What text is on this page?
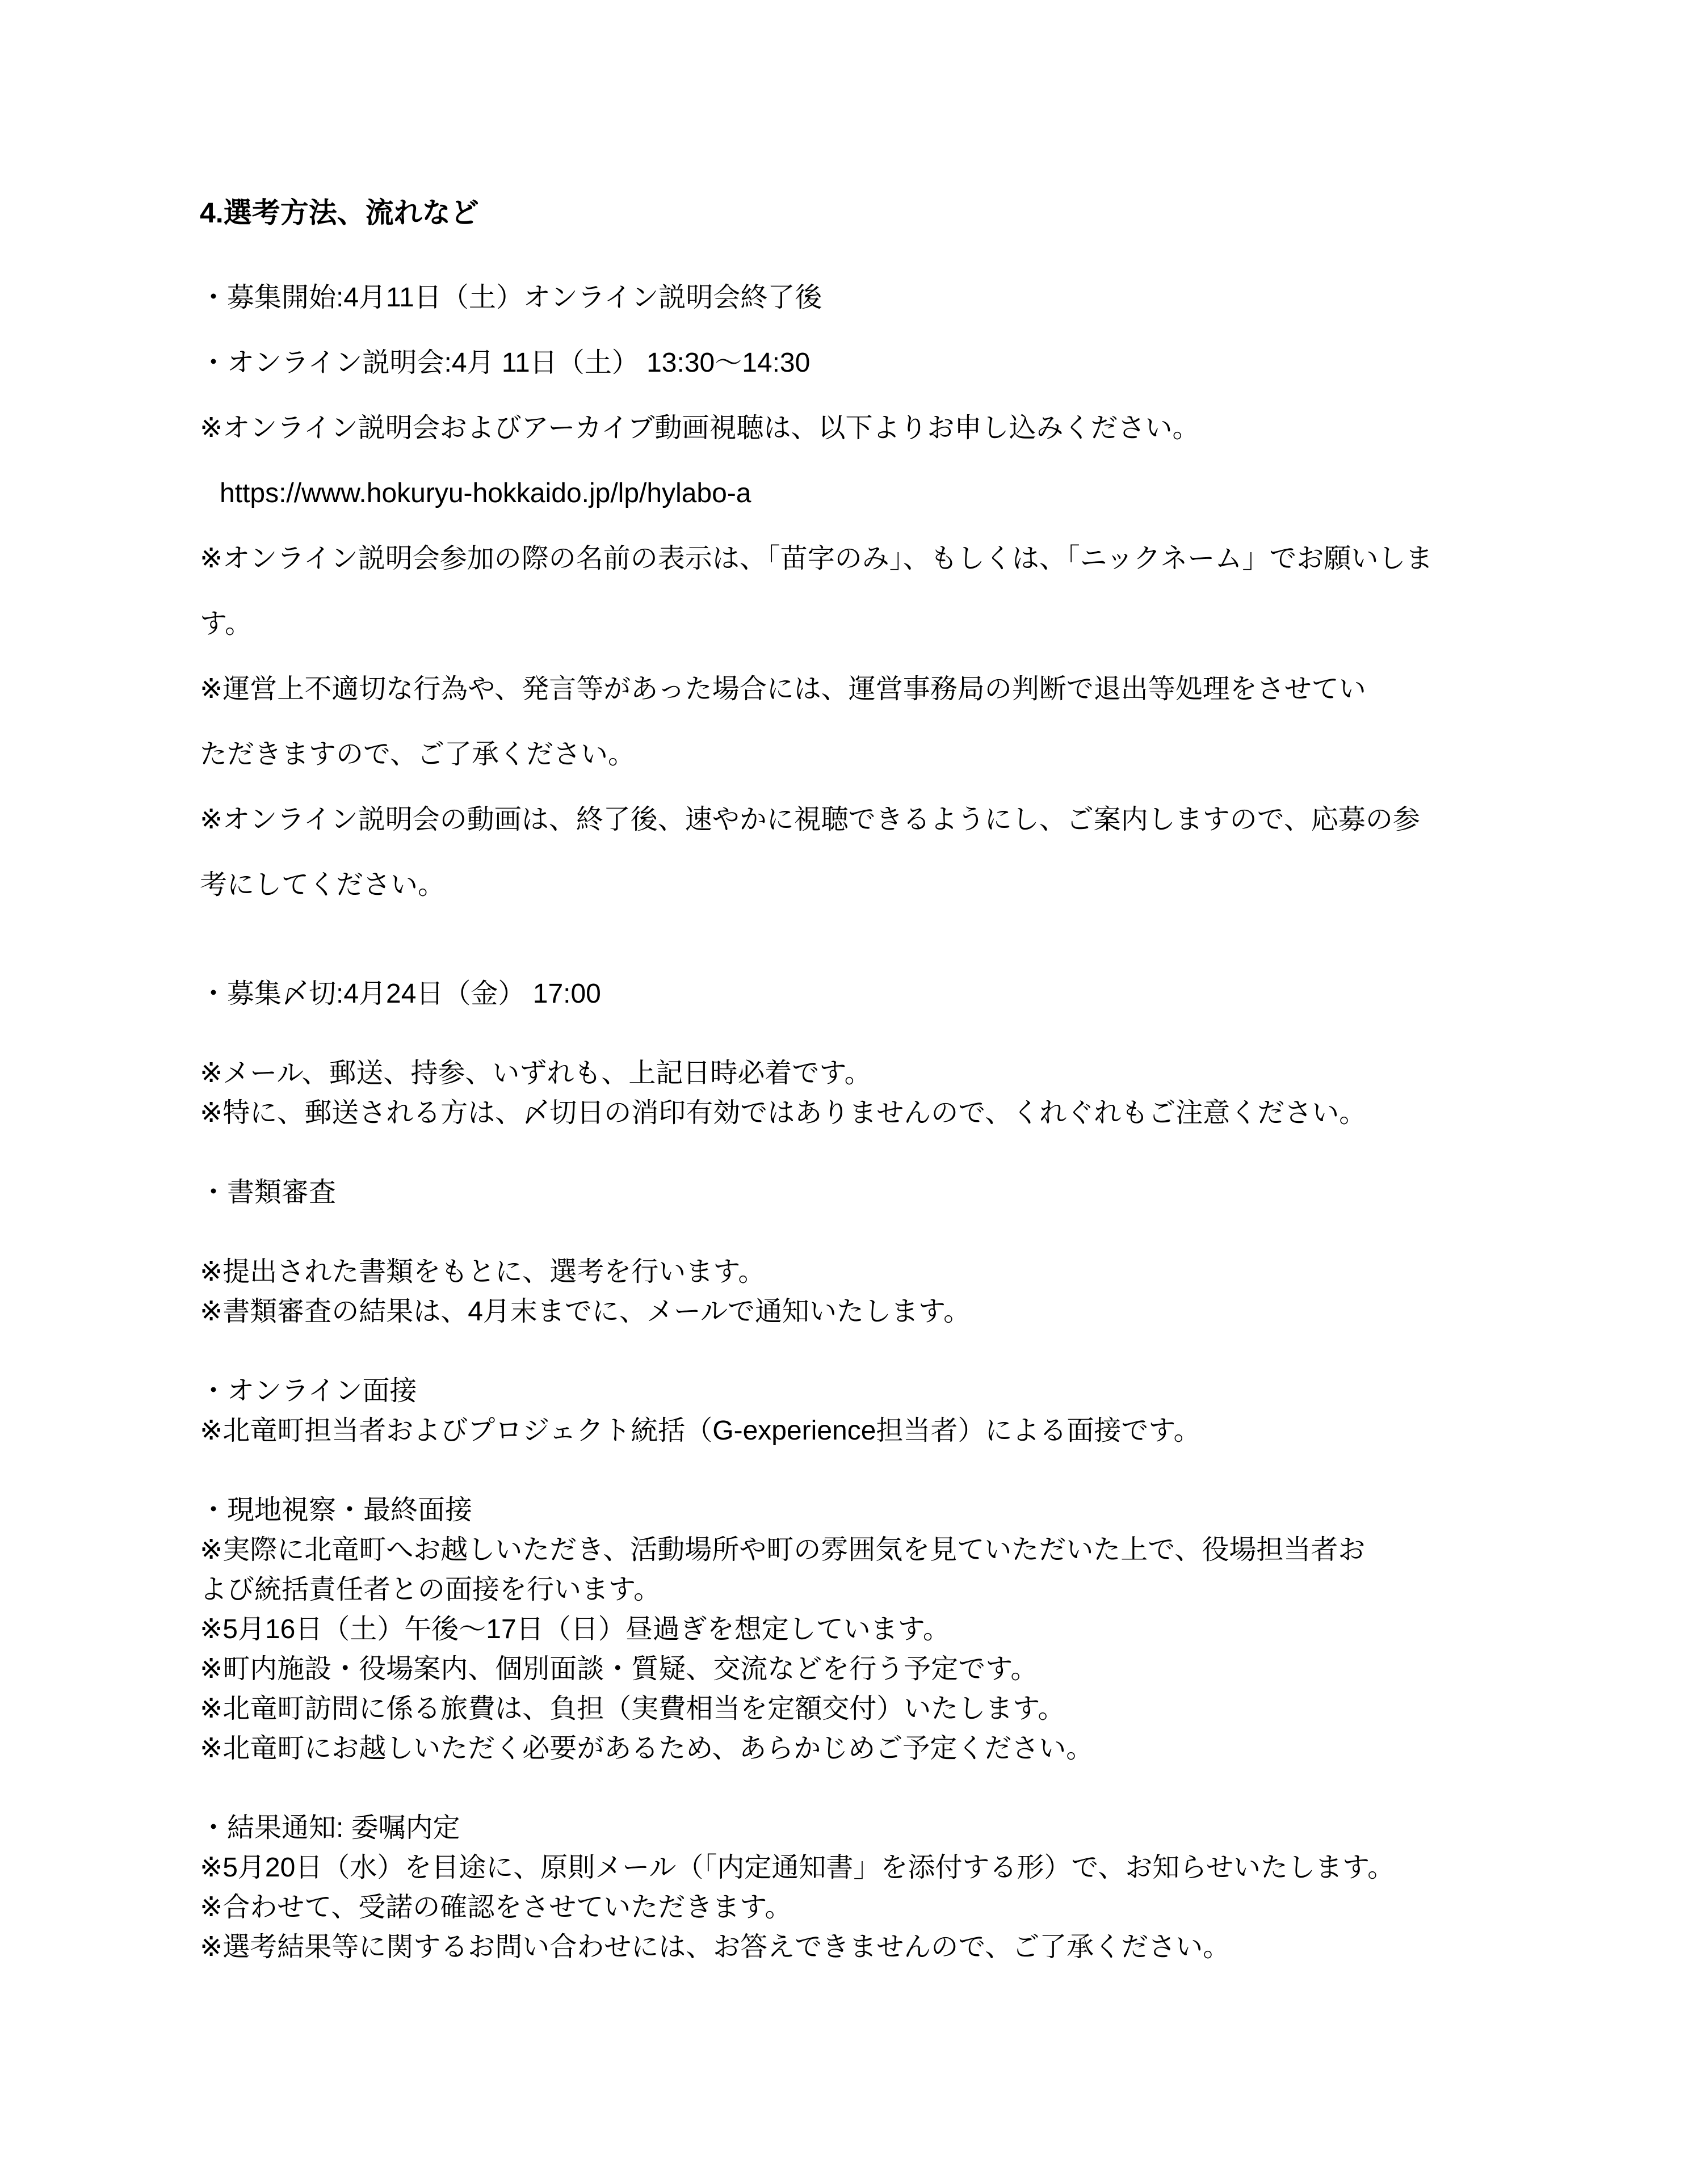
4.選考方法、流れなど
・募集開始:4月11日（土）オンライン説明会終了後
・オンライン説明会:4月 11日（土） 13:30〜14:30
※オンライン説明会およびアーカイブ動画視聴は、以下よりお申し込みください。
https://www.hokuryu-hokkaido.jp/lp/hylabo-a
※オンライン説明会参加の際の名前の表示は、「苗字のみ」、もしくは、「ニックネーム」でお願いしま
す。
※運営上不適切な行為や、発言等があった場合には、運営事務局の判断で退出等処理をさせてい
ただきますので、ご了承ください。
※オンライン説明会の動画は、終了後、速やかに視聴できるようにし、ご案内しますので、応募の参
考にしてください。
・募集〆切:4月24日（金） 17:00
※メール、郵送、持参、いずれも、上記日時必着です。
※特に、郵送される方は、〆切日の消印有効ではありませんので、くれぐれもご注意ください。
・書類審査
※提出された書類をもとに、選考を行います。
※書類審査の結果は、4月末までに、メールで通知いたします。
・オンライン面接
※北竜町担当者およびプロジェクト統括（G-experience担当者）による面接です。
・現地視察・最終面接
※実際に北竜町へお越しいただき、活動場所や町の雰囲気を見ていただいた上で、役場担当者お
よび統括責任者との面接を行います。
※5月16日（土）午後〜17日（日）昼過ぎを想定しています。
※町内施設・役場案内、個別面談・質疑、交流などを行う予定です。
※北竜町訪問に係る旅費は、負担（実費相当を定額交付）いたします。
※北竜町にお越しいただく必要があるため、あらかじめご予定ください。
・結果通知: 委嘱内定
※5月20日（水）を目途に、原則メール（「内定通知書」を添付する形）で、お知らせいたします。
※合わせて、受諾の確認をさせていただきます。
※選考結果等に関するお問い合わせには、お答えできませんので、ご了承ください。
